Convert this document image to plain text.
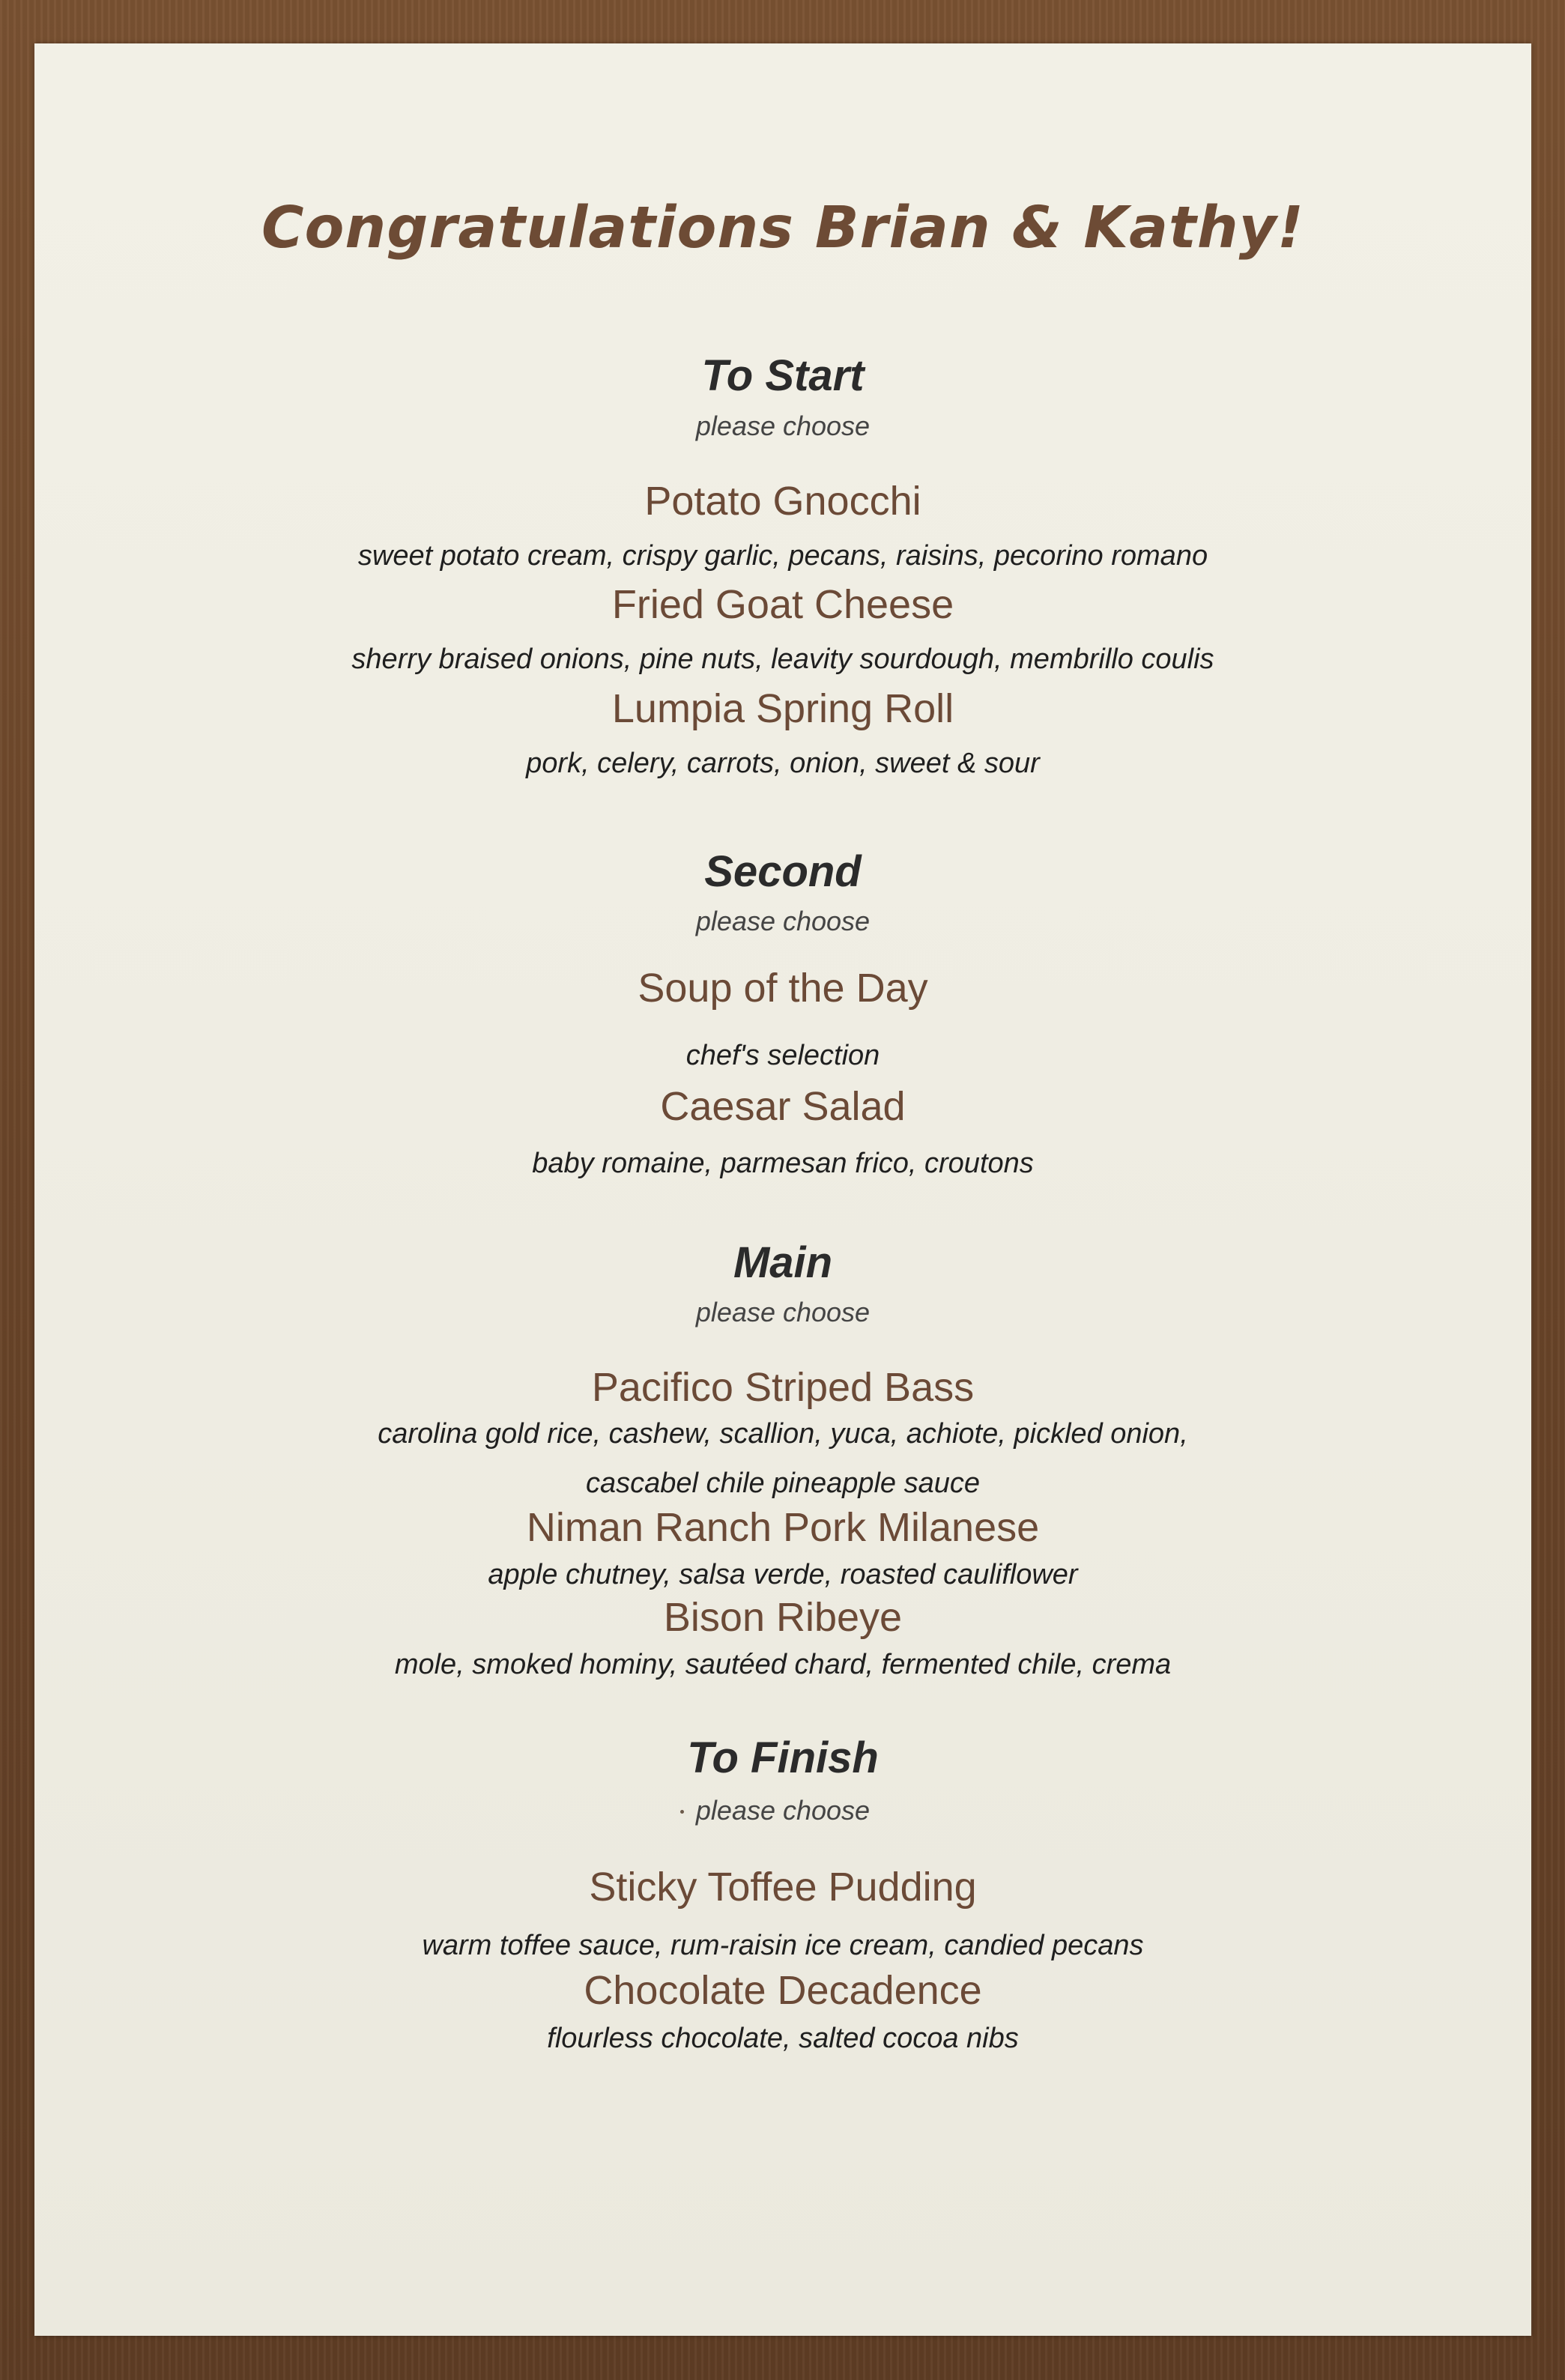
Congratulations Brian & Kathy!
To Start

please choose

Potato Gnocchi

sweet potato cream, crispy garlic, pecans, raisins, pecorino romano

Fried Goat Cheese

sherry braised onions, pine nuts, leavity sourdough, membrillo coulis

Lumpia Spring Roll

pork, celery, carrots, onion, sweet & sour

Second

please choose

Soup of the Day

chef's selection

Caesar Salad

baby romaine, parmesan frico, croutons

Main

please choose

Pacifico Striped Bass

carolina gold rice, cashew, scallion, yuca, achiote, pickled onion,

cascabel chile pineapple sauce

Niman Ranch Pork Milanese

apple chutney, salsa verde, roasted cauliflower

Bison Ribeye

mole, smoked hominy, sautéed chard, fermented chile, crema

To Finish

please choose

Sticky Toffee Pudding

warm toffee sauce, rum-raisin ice cream, candied pecans

Chocolate Decadence

flourless chocolate, salted cocoa nibs
